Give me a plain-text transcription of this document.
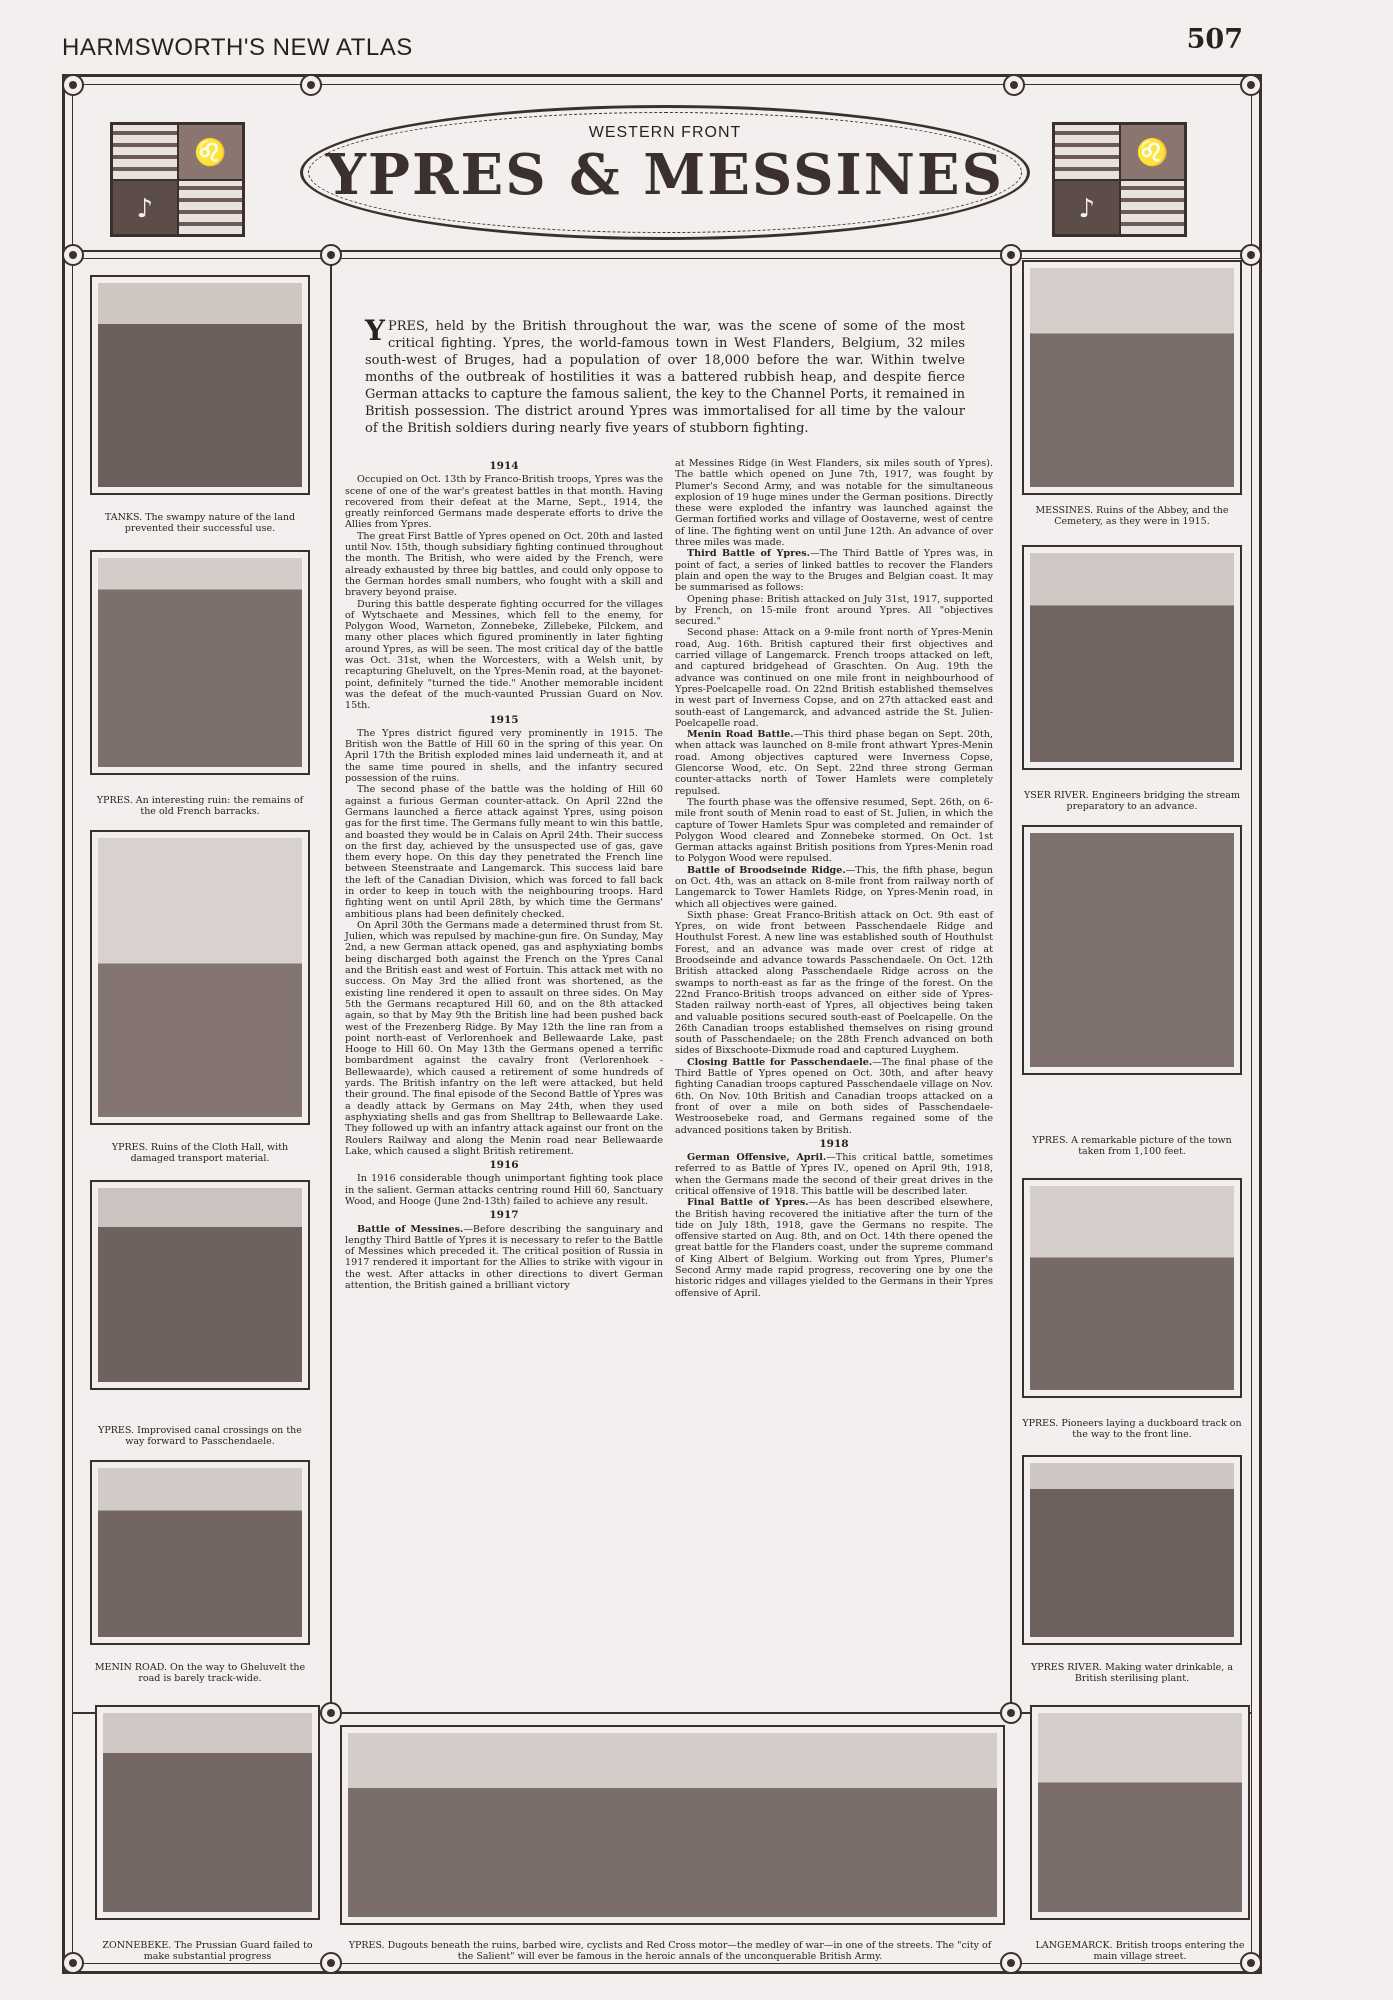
HARMSWORTH'S NEW ATLAS	507
♌
♪
♌
♪
WESTERN FRONT
YPRES & MESSINES
YPRES, held by the British throughout the war, was the scene of some of the most critical fighting. Ypres, the world-famous town in West Flanders, Belgium, 32 miles south-west of Bruges, had a population of over 18,000 before the war. Within twelve months of the outbreak of hostilities it was a battered rubbish heap, and despite fierce German attacks to capture the famous salient, the key to the Channel Ports, it remained in British possession. The district around Ypres was immortalised for all time by the valour of the British soldiers during nearly five years of stubborn fighting.
1914

Occupied on Oct. 13th by Franco-British troops, Ypres was the scene of one of the war's greatest battles in that month. Having recovered from their defeat at the Marne, Sept., 1914, the greatly reinforced Germans made desperate efforts to drive the Allies from Ypres.

The great First Battle of Ypres opened on Oct. 20th and lasted until Nov. 15th, though subsidiary fighting continued throughout the month. The British, who were aided by the French, were already exhausted by three big battles, and could only oppose to the German hordes small numbers, who fought with a skill and bravery beyond praise.

During this battle desperate fighting occurred for the villages of Wytschaete and Messines, which fell to the enemy, for Polygon Wood, Warneton, Zonnebeke, Zillebeke, Pilckem, and many other places which figured prominently in later fighting around Ypres, as will be seen. The most critical day of the battle was Oct. 31st, when the Worcesters, with a Welsh unit, by recapturing Gheluvelt, on the Ypres-Menin road, at the bayonet-point, definitely "turned the tide." Another memorable incident was the defeat of the much-vaunted Prussian Guard on Nov. 15th.

1915

The Ypres district figured very prominently in 1915. The British won the Battle of Hill 60 in the spring of this year. On April 17th the British exploded mines laid underneath it, and at the same time poured in shells, and the infantry secured possession of the ruins.

The second phase of the battle was the holding of Hill 60 against a furious German counter-attack. On April 22nd the Germans launched a fierce attack against Ypres, using poison gas for the first time. The Germans fully meant to win this battle, and boasted they would be in Calais on April 24th. Their success on the first day, achieved by the unsuspected use of gas, gave them every hope. On this day they penetrated the French line between Steenstraate and Langemarck. This success laid bare the left of the Canadian Division, which was forced to fall back in order to keep in touch with the neighbouring troops. Hard fighting went on until April 28th, by which time the Germans' ambitious plans had been definitely checked.

On April 30th the Germans made a determined thrust from St. Julien, which was repulsed by machine-gun fire. On Sunday, May 2nd, a new German attack opened, gas and asphyxiating bombs being discharged both against the French on the Ypres Canal and the British east and west of Fortuin. This attack met with no success. On May 3rd the allied front was shortened, as the existing line rendered it open to assault on three sides. On May 5th the Germans recaptured Hill 60, and on the 8th attacked again, so that by May 9th the British line had been pushed back west of the Frezenberg Ridge. By May 12th the line ran from a point north-east of Verlorenhoek and Bellewaarde Lake, past Hooge to Hill 60. On May 13th the Germans opened a terrific bombardment against the cavalry front (Verlorenhoek - Bellewaarde), which caused a retirement of some hundreds of yards. The British infantry on the left were attacked, but held their ground. The final episode of the Second Battle of Ypres was a deadly attack by Germans on May 24th, when they used asphyxiating shells and gas from Shelltrap to Bellewaarde Lake. They followed up with an infantry attack against our front on the Roulers Railway and along the Menin road near Bellewaarde Lake, which caused a slight British retirement.

1916

In 1916 considerable though unimportant fighting took place in the salient. German attacks centring round Hill 60, Sanctuary Wood, and Hooge (June 2nd-13th) failed to achieve any result.

1917

Battle of Messines.—Before describing the sanguinary and lengthy Third Battle of Ypres it is necessary to refer to the Battle of Messines which preceded it. The critical position of Russia in 1917 rendered it important for the Allies to strike with vigour in the west. After attacks in other directions to divert German attention, the British gained a brilliant victory

at Messines Ridge (in West Flanders, six miles south of Ypres). The battle which opened on June 7th, 1917, was fought by Plumer's Second Army, and was notable for the simultaneous explosion of 19 huge mines under the German positions. Directly these were exploded the infantry was launched against the German fortified works and village of Oostaverne, west of centre of line. The fighting went on until June 12th. An advance of over three miles was made.

Third Battle of Ypres.—The Third Battle of Ypres was, in point of fact, a series of linked battles to recover the Flanders plain and open the way to the Bruges and Belgian coast. It may be summarised as follows:

Opening phase: British attacked on July 31st, 1917, supported by French, on 15-mile front around Ypres. All "objectives secured."

Second phase: Attack on a 9-mile front north of Ypres-Menin road, Aug. 16th. British captured their first objectives and carried village of Langemarck. French troops attacked on left, and captured bridgehead of Graschten. On Aug. 19th the advance was continued on one mile front in neighbourhood of Ypres-Poelcapelle road. On 22nd British established themselves in west part of Inverness Copse, and on 27th attacked east and south-east of Langemarck, and advanced astride the St. Julien-Poelcapelle road.

Menin Road Battle.—This third phase began on Sept. 20th, when attack was launched on 8-mile front athwart Ypres-Menin road. Among objectives captured were Inverness Copse, Glencorse Wood, etc. On Sept. 22nd three strong German counter-attacks north of Tower Hamlets were completely repulsed.

The fourth phase was the offensive resumed, Sept. 26th, on 6-mile front south of Menin road to east of St. Julien, in which the capture of Tower Hamlets Spur was completed and remainder of Polygon Wood cleared and Zonnebeke stormed. On Oct. 1st German attacks against British positions from Ypres-Menin road to Polygon Wood were repulsed.

Battle of Broodseinde Ridge.—This, the fifth phase, begun on Oct. 4th, was an attack on 8-mile front from railway north of Langemarck to Tower Hamlets Ridge, on Ypres-Menin road, in which all objectives were gained.

Sixth phase: Great Franco-British attack on Oct. 9th east of Ypres, on wide front between Passchendaele Ridge and Houthulst Forest. A new line was established south of Houthulst Forest, and an advance was made over crest of ridge at Broodseinde and advance towards Passchendaele. On Oct. 12th British attacked along Passchendaele Ridge across on the swamps to north-east as far as the fringe of the forest. On the 22nd Franco-British troops advanced on either side of Ypres-Staden railway north-east of Ypres, all objectives being taken and valuable positions secured south-east of Poelcapelle. On the 26th Canadian troops established themselves on rising ground south of Passchendaele; on the 28th French advanced on both sides of Bixschoote-Dixmude road and captured Luyghem.

Closing Battle for Passchendaele.—The final phase of the Third Battle of Ypres opened on Oct. 30th, and after heavy fighting Canadian troops captured Passchendaele village on Nov. 6th. On Nov. 10th British and Canadian troops attacked on a front of over a mile on both sides of Passchendaele-Westroosebeke road, and Germans regained some of the advanced positions taken by British.

1918

German Offensive, April.—This critical battle, sometimes referred to as Battle of Ypres IV., opened on April 9th, 1918, when the Germans made the second of their great drives in the critical offensive of 1918. This battle will be described later.

Final Battle of Ypres.—As has been described elsewhere, the British having recovered the initiative after the turn of the tide on July 18th, 1918, gave the Germans no respite. The offensive started on Aug. 8th, and on Oct. 14th there opened the great battle for the Flanders coast, under the supreme command of King Albert of Belgium. Working out from Ypres, Plumer's Second Army made rapid progress, recovering one by one the historic ridges and villages yielded to the Germans in their Ypres offensive of April.

TANKS. The swampy nature of the land prevented their successful use.
YPRES. An interesting ruin: the remains of the old French barracks.
YPRES. Ruins of the Cloth Hall, with damaged transport material.
YPRES. Improvised canal crossings on the way forward to Passchendaele.
MENIN ROAD. On the way to Gheluvelt the road is barely track-wide.
MESSINES. Ruins of the Abbey, and the Cemetery, as they were in 1915.
YSER RIVER. Engineers bridging the stream preparatory to an advance.
YPRES. A remarkable picture of the town taken from 1,100 feet.
YPRES. Pioneers laying a duckboard track on the way to the front line.
YPRES RIVER. Making water drinkable, a British sterilising plant.
ZONNEBEKE. The Prussian Guard failed to make substantial progress
YPRES. Dugouts beneath the ruins, barbed wire, cyclists and Red Cross motor—the medley of war—in one of the streets. The "city of the Salient" will ever be famous in the heroic annals of the unconquerable British Army.
LANGEMARCK. British troops entering the main village street.
